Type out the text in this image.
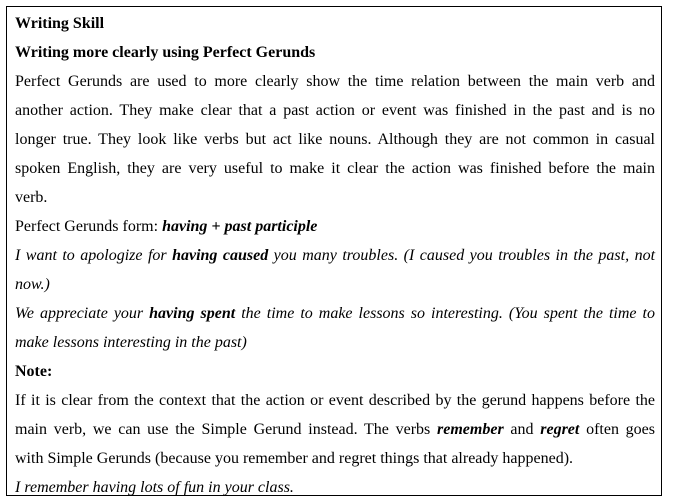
Writing Skill
Writing more clearly using Perfect Gerunds
Perfect Gerunds are used to more clearly show the time relation between the main verb and
another action. They make clear that a past action or event was finished in the past and is no
longer true. They look like verbs but act like nouns. Although they are not common in casual
spoken English, they are very useful to make it clear the action was finished before the main
verb.
Perfect Gerunds form: having + past participle
I want to apologize for having caused you many troubles. (I caused you troubles in the past, not
now.)
We appreciate your having spent the time to make lessons so interesting. (You spent the time to
make lessons interesting in the past)
Note:
If it is clear from the context that the action or event described by the gerund happens before the
main verb, we can use the Simple Gerund instead. The verbs remember and regret often goes
with Simple Gerunds (because you remember and regret things that already happened).
I remember having lots of fun in your class.
